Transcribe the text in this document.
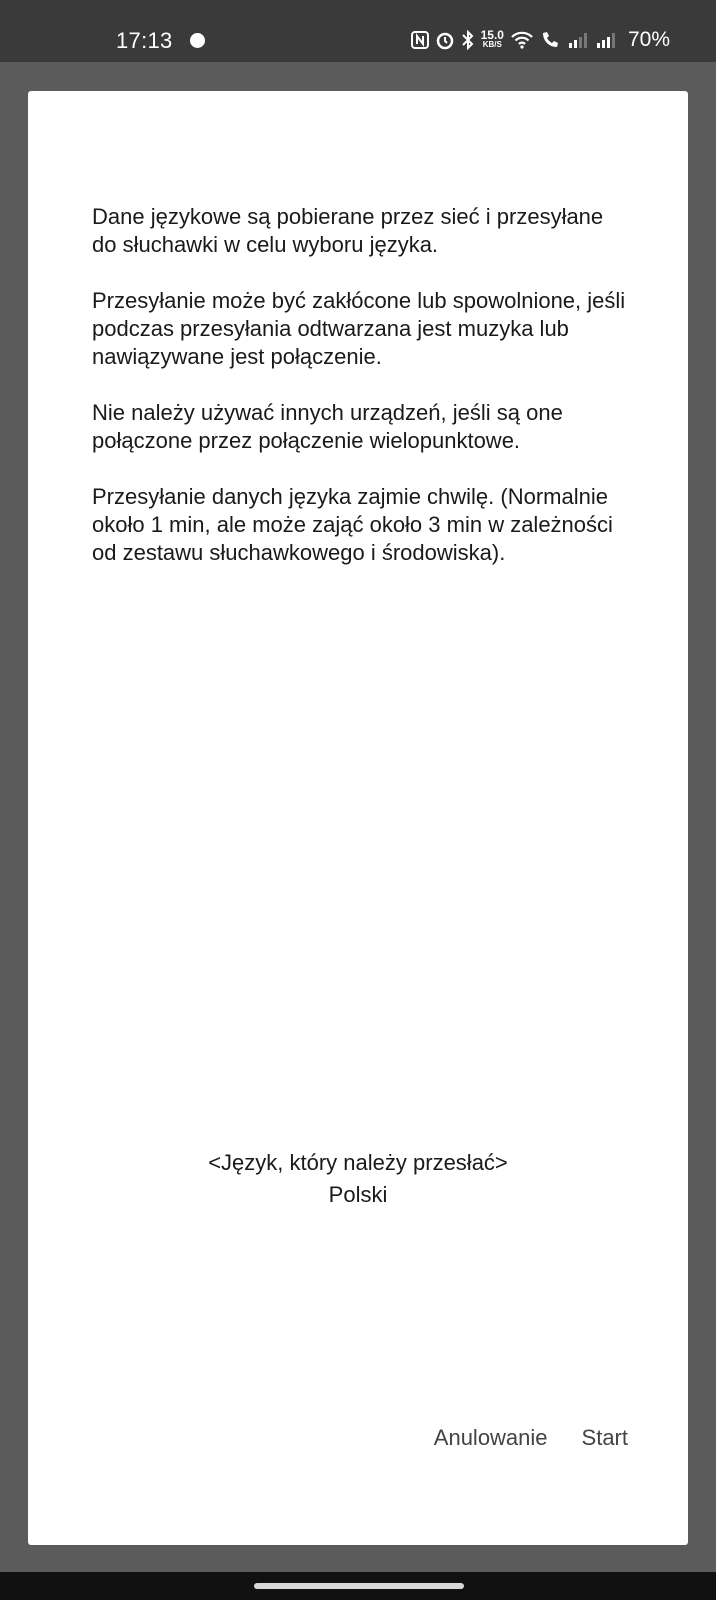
17:13	15.0
KB/S	70%

Dane językowe są pobierane przez sieć i przesyłane do słuchawki w celu wyboru języka.

Przesyłanie może być zakłócone lub spowolnione, jeśli podczas przesyłania odtwarzana jest muzyka lub nawiązywane jest połączenie.

Nie należy używać innych urządzeń, jeśli są one połączone przez połączenie wielopunktowe.

Przesyłanie danych języka zajmie chwilę. (Normalnie około 1 min, ale może zająć około 3 min w zależności od zestawu słuchawkowego i środowiska).

<Język, który należy przesłać>
Polski
Anulowanie Start
